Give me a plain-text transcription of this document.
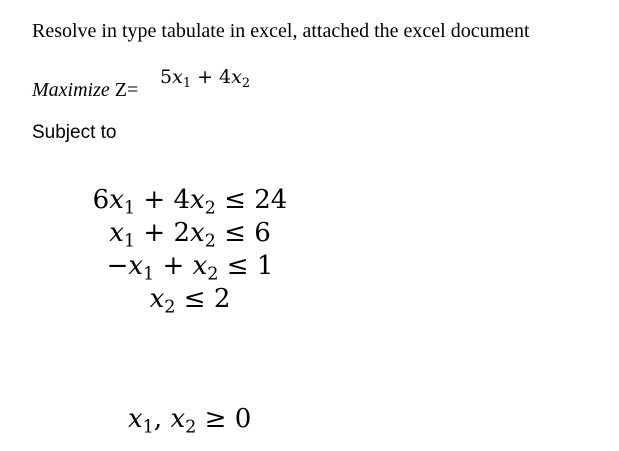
Resolve in type tabulate in excel, attached the excel document
Maximize Z=
$5x_1 + 4x_2$
Subject to
$6x_1 + 4x_2 \le 24$
$x_1 + 2x_2 \le 6$
$-x_1 + x_2 \le 1$
$x_2 \le 2$
$x_1$, $x_2 \ge 0$
